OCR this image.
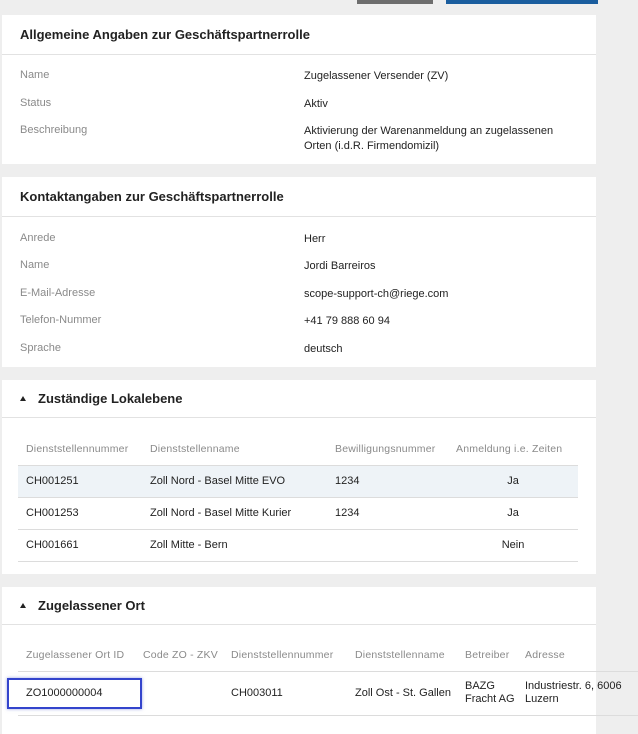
Allgemeine Angaben zur Geschäftspartnerrolle
Name	Zugelassener Versender (ZV)
Status	Aktiv
Beschreibung	Aktivierung der Warenanmeldung an zugelassenen Orten (i.d.R. Firmendomizil)
Kontaktangaben zur Geschäftspartnerrolle
Anrede	Herr
Name	Jordi Barreiros
E-Mail-Adresse	scope-support-ch@riege.com
Telefon-Nummer	+41 79 888 60 94
Sprache	deutsch
Zuständige Lokalebene
Dienststellennummer	Dienststellenname	Bewilligungsnummer	Anmeldung i.e. Zeiten
CH001251	Zoll Nord - Basel Mitte EVO	1234	Ja
CH001253	Zoll Nord - Basel Mitte Kurier	1234	Ja
CH001661	Zoll Mitte - Bern		Nein
Zugelassener Ort
Zugelassener Ort ID	Code ZO - ZKV	Dienststellennummer	Dienststellenname	Betreiber	Adresse
ZO1000000004		CH003011	Zoll Ost - St. Gallen	BAZG Fracht AG	Industriestr. 6, 6006 Luzern
